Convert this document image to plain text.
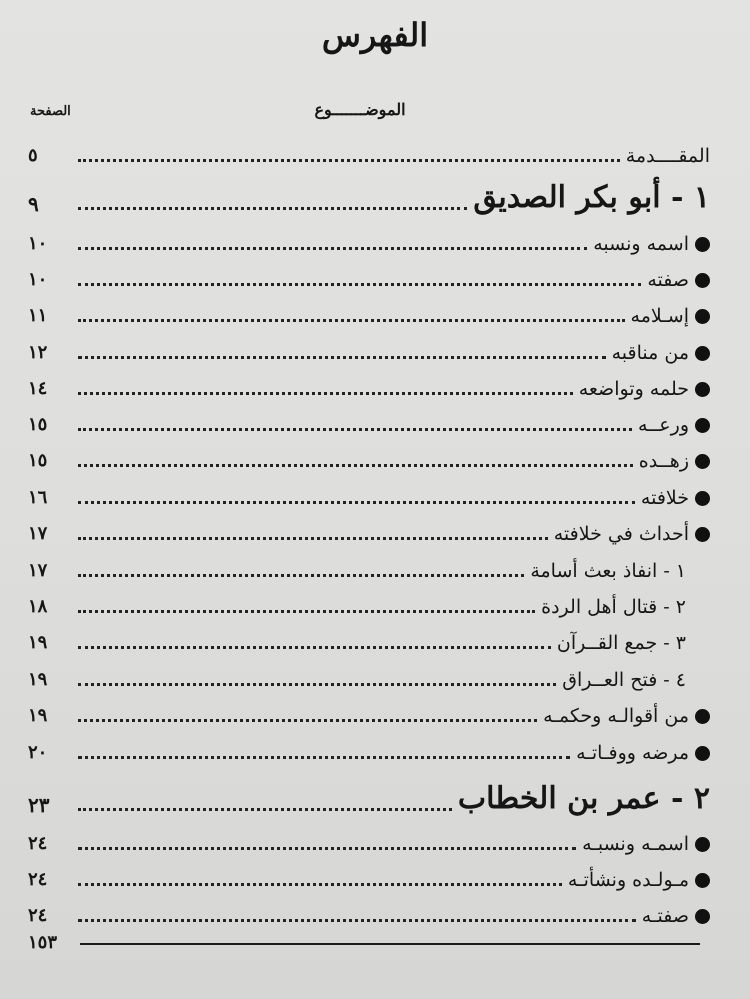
الفهرس
الموضـــــــوع
الصفحة
المقــــدمة
٥
١ - أبو بكر الصديق
٩
اسمه ونسبه
١٠
صفته
١٠
إسـلامه
١١
من مناقبه
١٢
حلمه وتواضعه
١٤
ورعــه
١٥
زهــده
١٥
خلافته
١٦
أحداث في خلافته
١٧
١ - انفاذ بعث أسامة
١٧
٢ - قتال أهل الردة
١٨
٣ - جمع القــرآن
١٩
٤ - فتح العــراق
١٩
من أقوالـه وحكمـه
١٩
مرضه ووفـاتـه
٢٠
٢ - عمر بن الخطاب
٢٣
اسمـه ونسبـه
٢٤
مـولـده ونشأتـه
٢٤
صفتـه
٢٤
١٥٣
